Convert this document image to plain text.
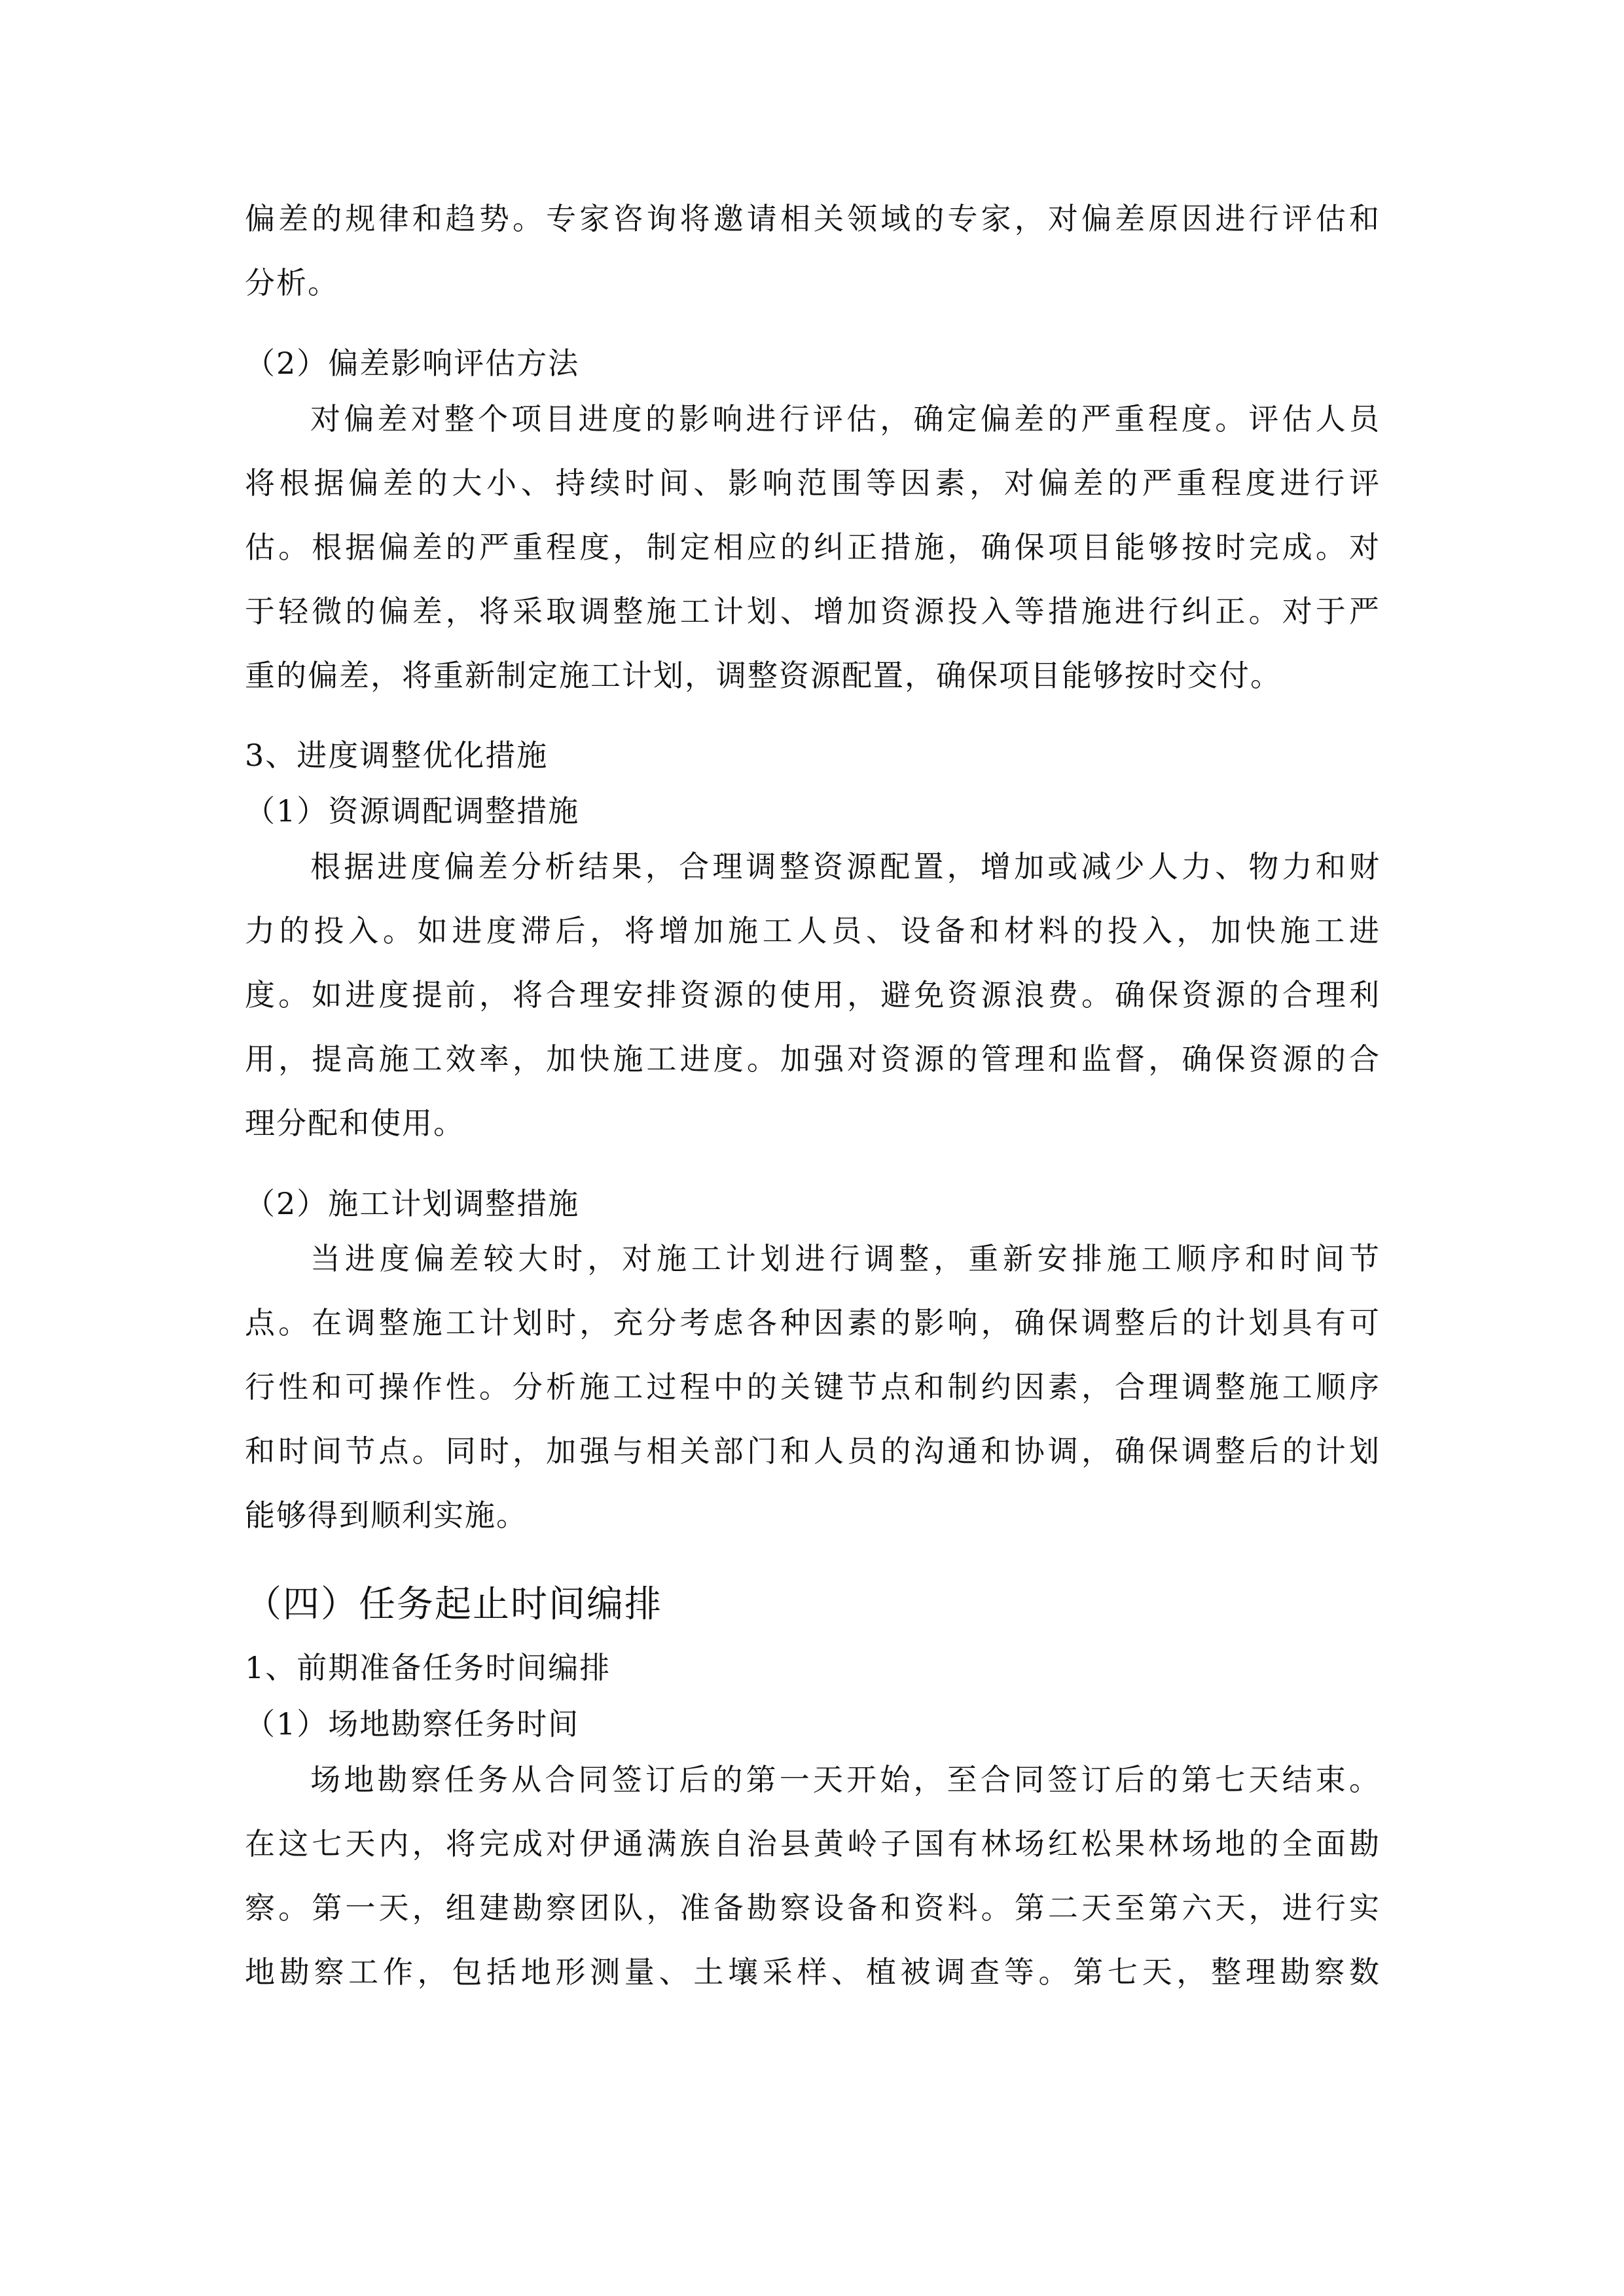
偏差的规律和趋势。专家咨询将邀请相关领域的专家，对偏差原因进行评估和
分析。
（2）偏差影响评估方法
对偏差对整个项目进度的影响进行评估，确定偏差的严重程度。评估人员
将根据偏差的大小、持续时间、影响范围等因素，对偏差的严重程度进行评
估。根据偏差的严重程度，制定相应的纠正措施，确保项目能够按时完成。对
于轻微的偏差，将采取调整施工计划、增加资源投入等措施进行纠正。对于严
重的偏差，将重新制定施工计划，调整资源配置，确保项目能够按时交付。
3、进度调整优化措施
（1）资源调配调整措施
根据进度偏差分析结果，合理调整资源配置，增加或减少人力、物力和财
力的投入。如进度滞后，将增加施工人员、设备和材料的投入，加快施工进
度。如进度提前，将合理安排资源的使用，避免资源浪费。确保资源的合理利
用，提高施工效率，加快施工进度。加强对资源的管理和监督，确保资源的合
理分配和使用。
（2）施工计划调整措施
当进度偏差较大时，对施工计划进行调整，重新安排施工顺序和时间节
点。在调整施工计划时，充分考虑各种因素的影响，确保调整后的计划具有可
行性和可操作性。分析施工过程中的关键节点和制约因素，合理调整施工顺序
和时间节点。同时，加强与相关部门和人员的沟通和协调，确保调整后的计划
能够得到顺利实施。
（四）任务起止时间编排
1、前期准备任务时间编排
（1）场地勘察任务时间
场地勘察任务从合同签订后的第一天开始，至合同签订后的第七天结束。
在这七天内，将完成对伊通满族自治县黄岭子国有林场红松果林场地的全面勘
察。第一天，组建勘察团队，准备勘察设备和资料。第二天至第六天，进行实
地勘察工作，包括地形测量、土壤采样、植被调查等。第七天，整理勘察数
